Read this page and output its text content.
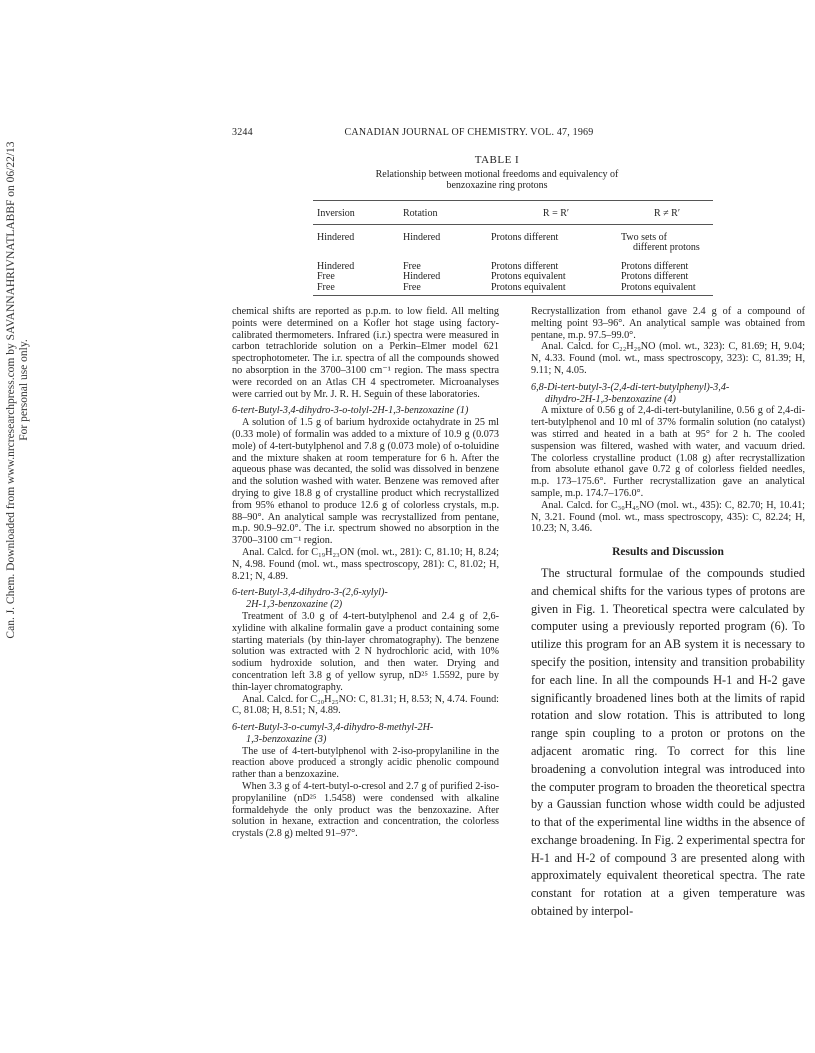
Can. J. Chem. Downloaded from www.nrcresearchpress.com by SAVANNAHRIVNATLABBF on 06/22/13 For personal use only.
3244	CANADIAN JOURNAL OF CHEMISTRY. VOL. 47, 1969
TABLE I
Relationship between motional freedoms and equivalency of
benzoxazine ring protons
Inversion	Rotation	R = R′	R ≠ R′
Hindered	Hindered	Protons different	Two sets of
different protons
Hindered	Free	Protons different	Protons different
Free	Hindered	Protons equivalent	Protons different
Free	Free	Protons equivalent	Protons equivalent

chemical shifts are reported as p.p.m. to low field. All melting points were determined on a Kofler hot stage using factory-calibrated thermometers. Infrared (i.r.) spectra were measured in carbon tetrachloride solution on a Perkin–Elmer model 621 spectrophotometer. The i.r. spectra of all the compounds showed no absorption in the 3700–3100 cm⁻¹ region. The mass spectra were recorded on an Atlas CH 4 spectrometer. Microanalyses were carried out by Mr. J. R. H. Seguin of these laboratories.

6-tert-Butyl-3,4-dihydro-3-o-tolyl-2H-1,3-benzoxazine (1)

A solution of 1.5 g of barium hydroxide octahydrate in 25 ml (0.33 mole) of formalin was added to a mixture of 10.9 g (0.073 mole) of 4-tert-butylphenol and 7.8 g (0.073 mole) of o-toluidine and the mixture shaken at room temperature for 6 h. After the aqueous phase was decanted, the solid was dissolved in benzene and the solution washed with water. Benzene was removed after drying to give 18.8 g of crystalline product which recrystallized from 95% ethanol to produce 12.6 g of colorless crystals, m.p. 88–90°. An analytical sample was recrystallized from pentane, m.p. 90.9–92.0°. The i.r. spectrum showed no absorption in the 3700–3100 cm⁻¹ region.

Anal. Calcd. for C₁₉H₂₃ON (mol. wt., 281): C, 81.10; H, 8.24; N, 4.98. Found (mol. wt., mass spectroscopy, 281): C, 81.02; H, 8.21; N, 4.89.

6-tert-Butyl-3,4-dihydro-3-(2,6-xylyl)-
2H-1,3-benzoxazine (2)

Treatment of 3.0 g of 4-tert-butylphenol and 2.4 g of 2,6-xylidine with alkaline formalin gave a product containing some starting materials (by thin-layer chromatography). The benzene solution was extracted with 2 N hydrochloric acid, with 10% sodium hydroxide solution, and then water. Drying and concentration left 3.8 g of yellow syrup, nD²⁵ 1.5592, pure by thin-layer chromatography.

Anal. Calcd. for C₂₀H₂₅NO: C, 81.31; H, 8.53; N, 4.74. Found: C, 81.08; H, 8.51; N, 4.89.

6-tert-Butyl-3-o-cumyl-3,4-dihydro-8-methyl-2H-
1,3-benzoxazine (3)

The use of 4-tert-butylphenol with 2-iso-propylaniline in the reaction above produced a strongly acidic phenolic compound rather than a benzoxazine.

When 3.3 g of 4-tert-butyl-o-cresol and 2.7 g of purified 2-iso-propylaniline (nD²⁵ 1.5458) were condensed with alkaline formaldehyde the only product was the benzoxazine. After solution in hexane, extraction and concentration, the colorless crystals (2.8 g) melted 91–97°.

Recrystallization from ethanol gave 2.4 g of a compound of melting point 93–96°. An analytical sample was obtained from pentane, m.p. 97.5–99.0°.

Anal. Calcd. for C₂₂H₂₉NO (mol. wt., 323): C, 81.69; H, 9.04; N, 4.33. Found (mol. wt., mass spectroscopy, 323): C, 81.39; H, 9.11; N, 4.05.

6,8-Di-tert-butyl-3-(2,4-di-tert-butylphenyl)-3,4-
dihydro-2H-1,3-benzoxazine (4)

A mixture of 0.56 g of 2,4-di-tert-butylaniline, 0.56 g of 2,4-di-tert-butylphenol and 10 ml of 37% formalin solution (no catalyst) was stirred and heated in a bath at 95° for 2 h. The cooled suspension was filtered, washed with water, and vacuum dried. The colorless crystalline product (1.08 g) after recrystallization from absolute ethanol gave 0.72 g of colorless fielded needles, m.p. 173–175.6°. Further recrystallization gave an analytical sample, m.p. 174.7–176.0°.

Anal. Calcd. for C₃₀H₄₅NO (mol. wt., 435): C, 82.70; H, 10.41; N, 3.21. Found (mol. wt., mass spectroscopy, 435): C, 82.24; H, 10.23; N, 3.46.

Results and Discussion

The structural formulae of the compounds studied and chemical shifts for the various types of protons are given in Fig. 1. Theoretical spectra were calculated by computer using a previously reported program (6). To utilize this program for an AB system it is necessary to specify the position, intensity and transition probability for each line. In all the compounds H-1 and H-2 gave significantly broadened lines both at the limits of rapid rotation and slow rotation. This is attributed to long range spin coupling to a proton or protons on the adjacent aromatic ring. To correct for this line broadening a convolution integral was introduced into the computer program to broaden the theoretical spectra by a Gaussian function whose width could be adjusted to that of the experimental line widths in the absence of exchange broadening. In Fig. 2 experimental spectra for H-1 and H-2 of compound 3 are presented along with approximately equivalent theoretical spectra. The rate constant for rotation at a given temperature was obtained by interpol-
